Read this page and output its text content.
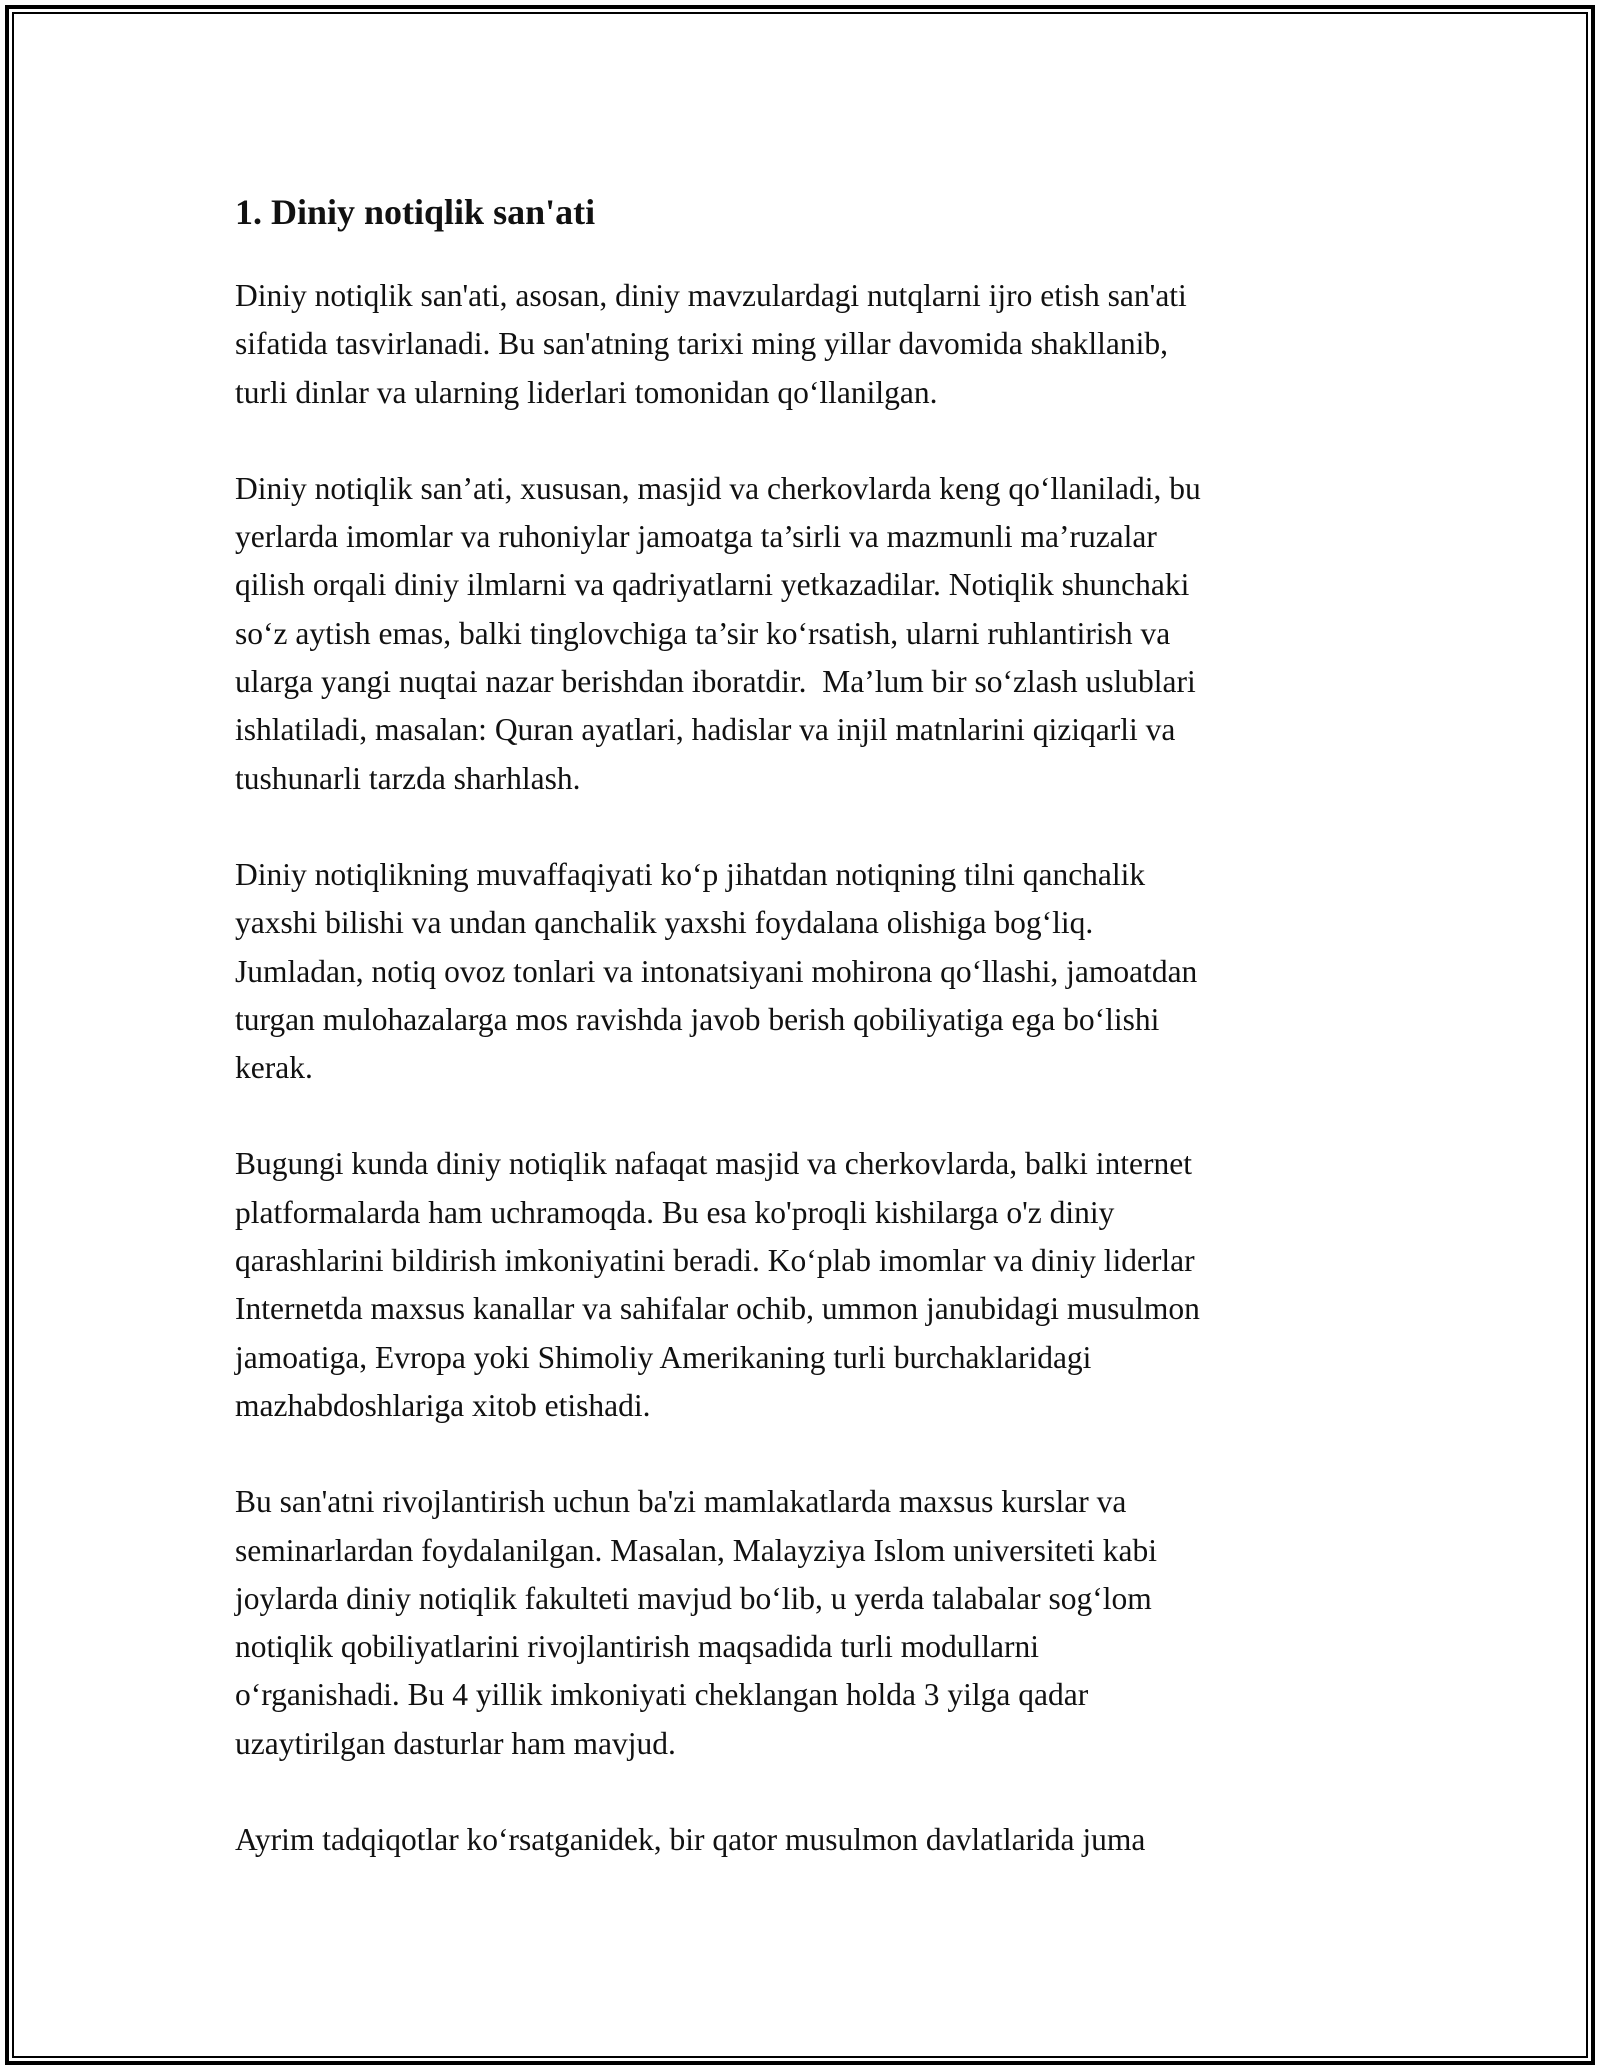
1. Diniy notiqlik san'ati
Diniy notiqlik san'ati, asosan, diniy mavzulardagi nutqlarni ijro etish san'ati
sifatida tasvirlanadi. Bu san'atning tarixi ming yillar davomida shakllanib,
turli dinlar va ularning liderlari tomonidan qo‘llanilgan.
Diniy notiqlik san’ati, xususan, masjid va cherkovlarda keng qo‘llaniladi, bu
yerlarda imomlar va ruhoniylar jamoatga ta’sirli va mazmunli ma’ruzalar
qilish orqali diniy ilmlarni va qadriyatlarni yetkazadilar. Notiqlik shunchaki
so‘z aytish emas, balki tinglovchiga ta’sir ko‘rsatish, ularni ruhlantirish va
ularga yangi nuqtai nazar berishdan iboratdir.  Ma’lum bir so‘zlash uslublari
ishlatiladi, masalan: Quran ayatlari, hadislar va injil matnlarini qiziqarli va
tushunarli tarzda sharhlash.
Diniy notiqlikning muvaffaqiyati ko‘p jihatdan notiqning tilni qanchalik
yaxshi bilishi va undan qanchalik yaxshi foydalana olishiga bog‘liq.
Jumladan, notiq ovoz tonlari va intonatsiyani mohirona qo‘llashi, jamoatdan
turgan mulohazalarga mos ravishda javob berish qobiliyatiga ega bo‘lishi
kerak.
Bugungi kunda diniy notiqlik nafaqat masjid va cherkovlarda, balki internet
platformalarda ham uchramoqda. Bu esa ko'proqli kishilarga o'z diniy
qarashlarini bildirish imkoniyatini beradi. Ko‘plab imomlar va diniy liderlar
Internetda maxsus kanallar va sahifalar ochib, ummon janubidagi musulmon
jamoatiga, Evropa yoki Shimoliy Amerikaning turli burchaklaridagi
mazhabdoshlariga xitob etishadi.
Bu san'atni rivojlantirish uchun ba'zi mamlakatlarda maxsus kurslar va
seminarlardan foydalanilgan. Masalan, Malayziya Islom universiteti kabi
joylarda diniy notiqlik fakulteti mavjud bo‘lib, u yerda talabalar sog‘lom
notiqlik qobiliyatlarini rivojlantirish maqsadida turli modullarni
o‘rganishadi. Bu 4 yillik imkoniyati cheklangan holda 3 yilga qadar
uzaytirilgan dasturlar ham mavjud.
Ayrim tadqiqotlar ko‘rsatganidek, bir qator musulmon davlatlarida juma
